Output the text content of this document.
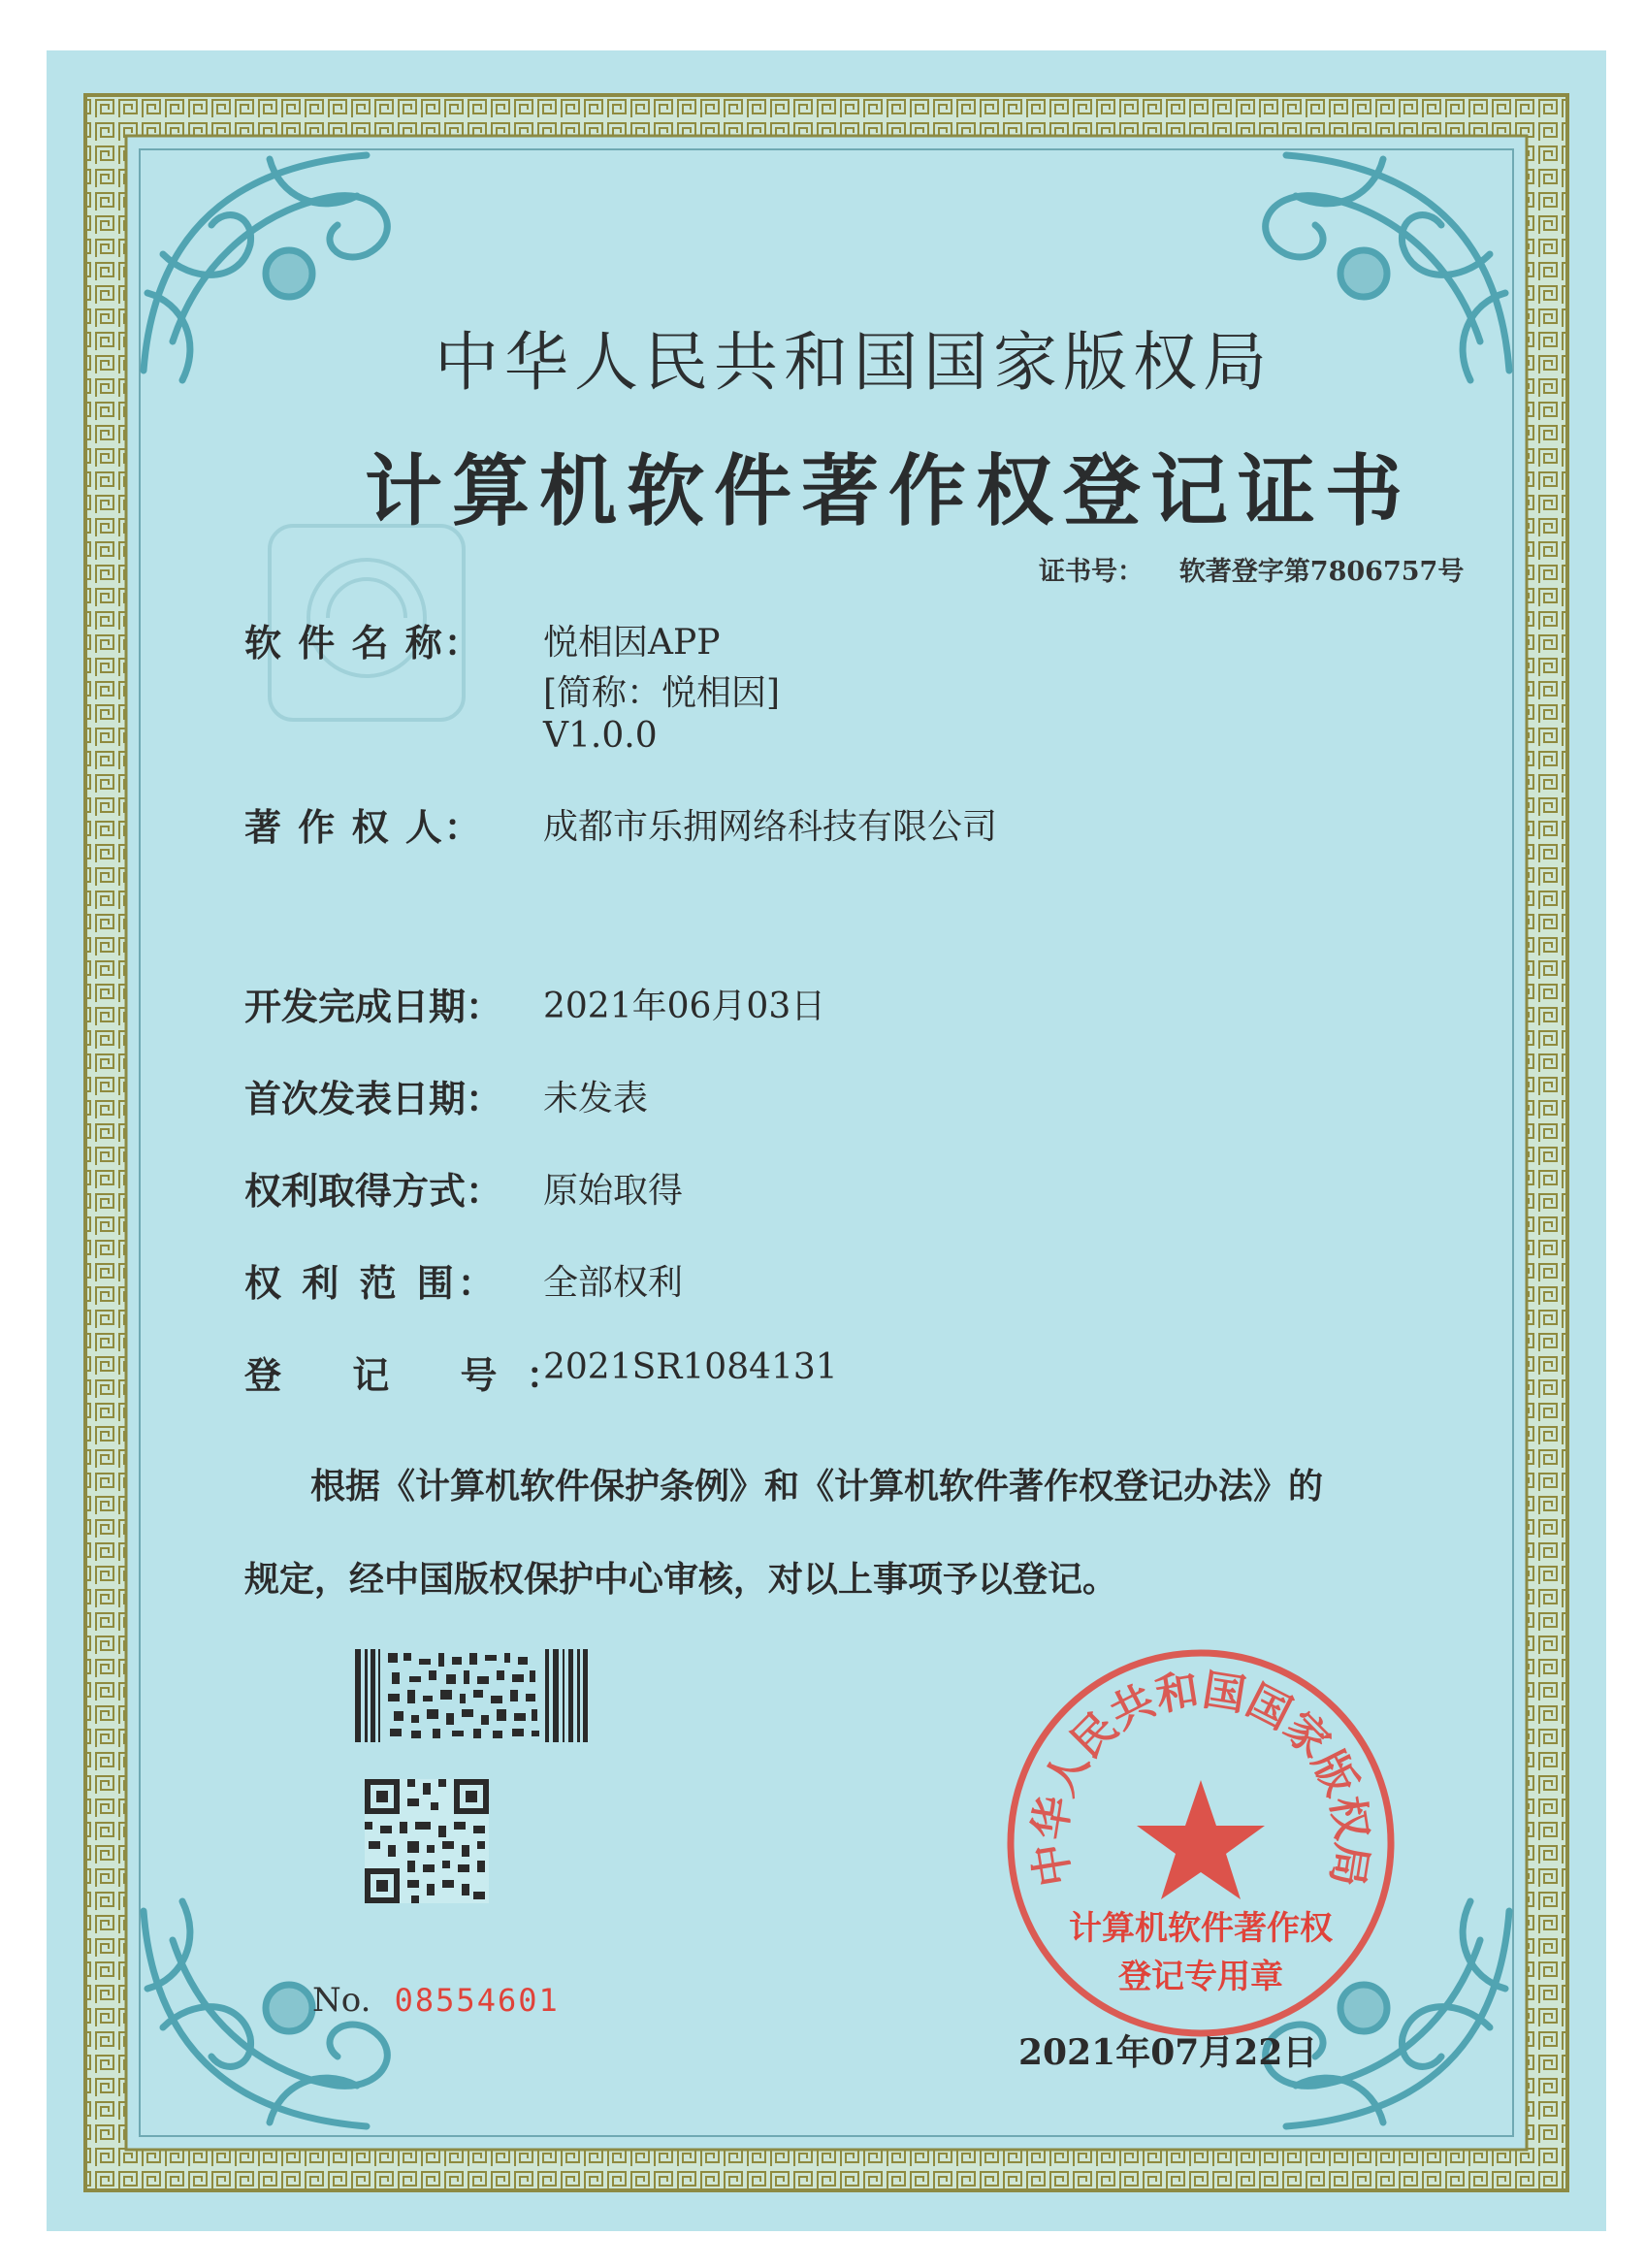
中华人民共和国国家版权局
计算机软件著作权登记证书
证书号： 软著登字第7806757号
软 件 名 称： 悦相因APP
[简称：悦相因]
V1.0.0
著 作 权 人： 成都市乐拥网络科技有限公司
开发完成日期： 2021年06月03日
首次发表日期： 未发表
权利取得方式： 原始取得
权 利 范 围： 全部权利
登 记 号：
2021SR1084131
根据《计算机软件保护条例》和《计算机软件著作权登记办法》的
规定，经中国版权保护中心审核，对以上事项予以登记。
No. 08554601
中华人民共和国国家版权局
计算机软件著作权
登记专用章
2021年07月22日
